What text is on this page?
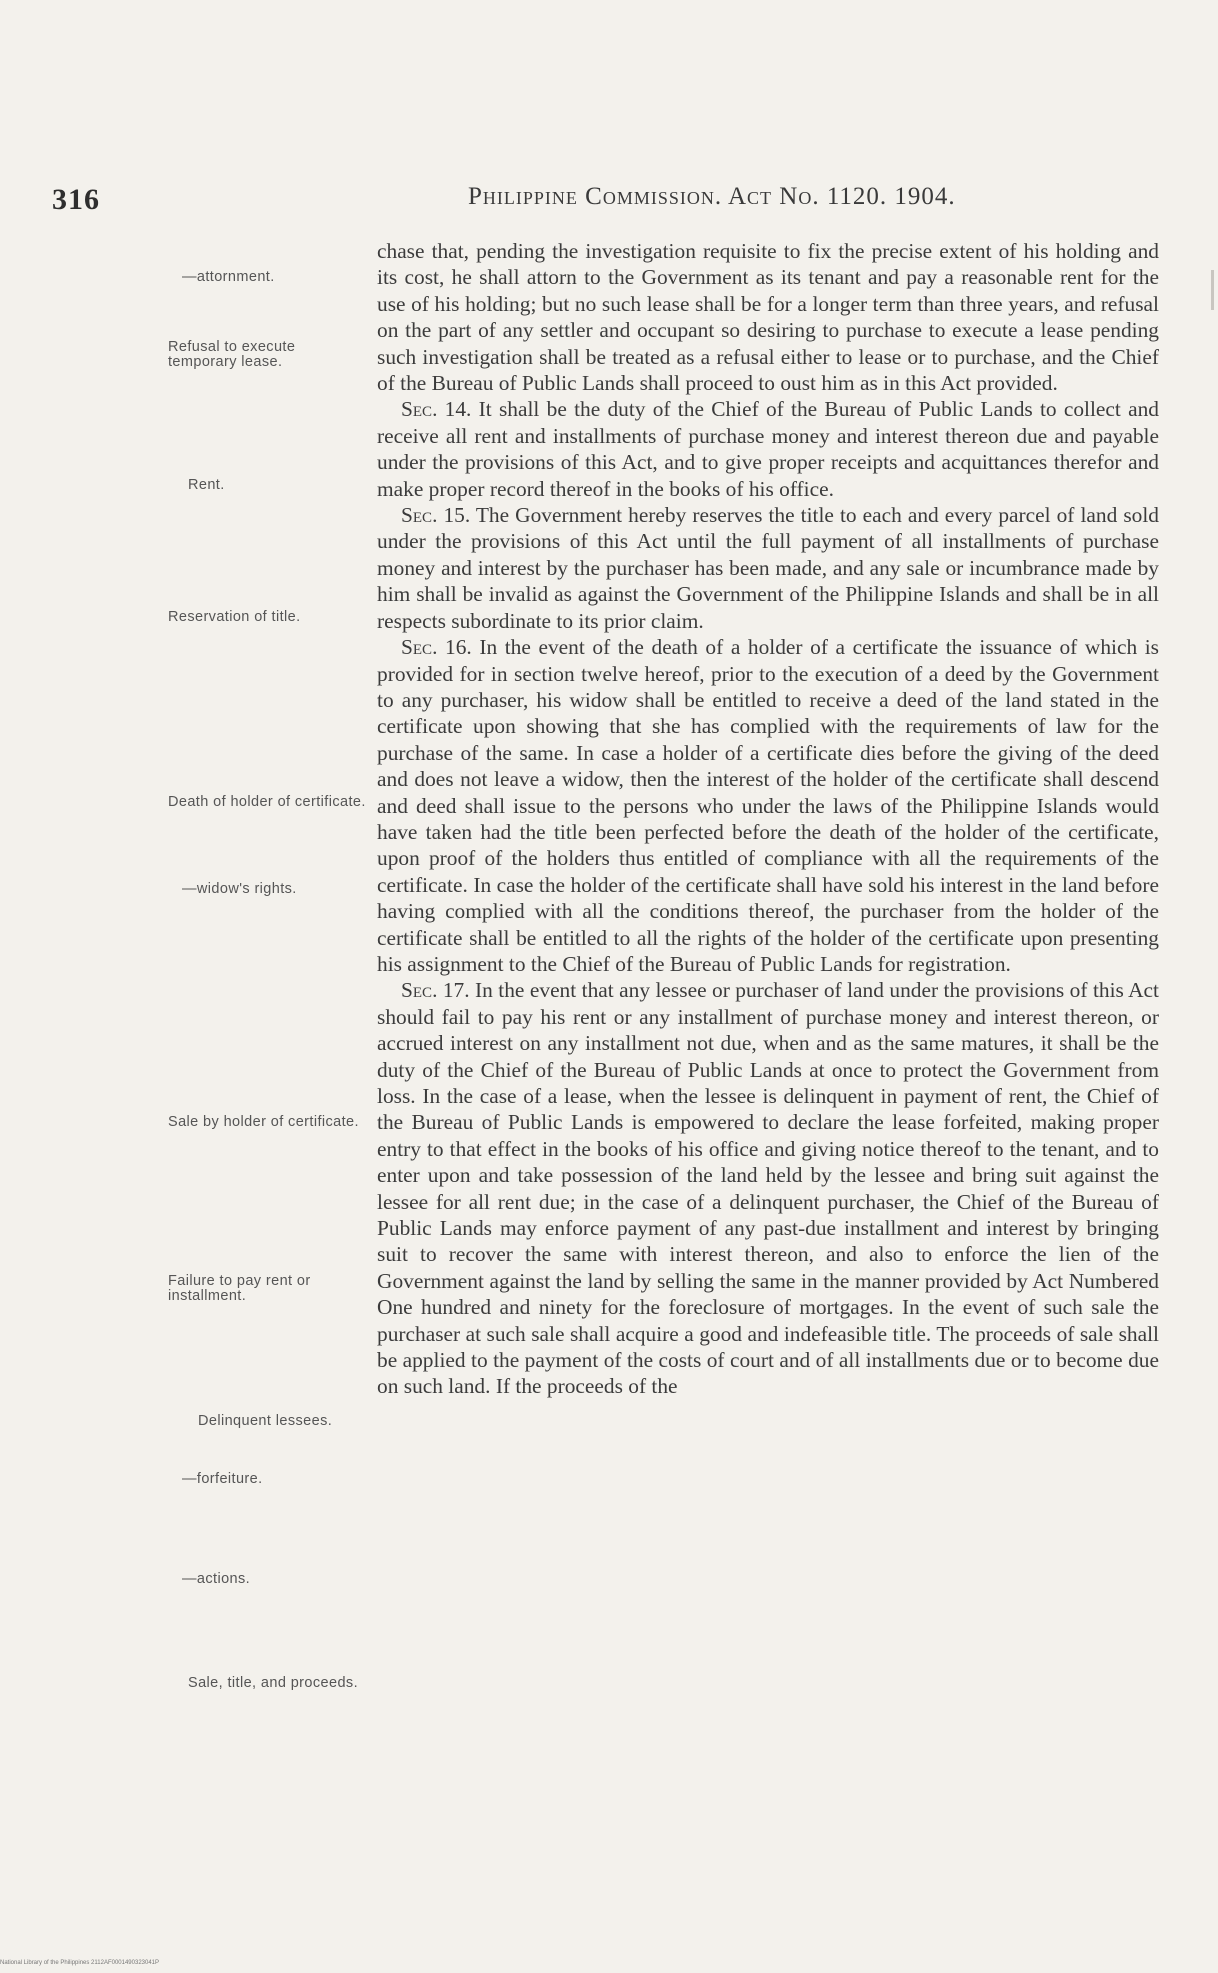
316	Philippine Commission. Act No. 1120. 1904.
—attornment.
Refusal to execute temporary lease.
Rent.
Reservation of title.
Death of holder of certificate.
—widow's rights.
Sale by holder of certificate.
Failure to pay rent or installment.
Delinquent lessees.
—forfeiture.
—actions.
Sale, title, and proceeds.

chase that, pending the investigation requisite to fix the precise extent of his holding and its cost, he shall attorn to the Government as its tenant and pay a reasonable rent for the use of his holding; but no such lease shall be for a longer term than three years, and refusal on the part of any settler and occupant so desiring to purchase to execute a lease pending such investigation shall be treated as a refusal either to lease or to purchase, and the Chief of the Bureau of Public Lands shall proceed to oust him as in this Act provided.

Sec. 14. It shall be the duty of the Chief of the Bureau of Public Lands to collect and receive all rent and installments of purchase money and interest thereon due and payable under the provisions of this Act, and to give proper receipts and acquittances therefor and make proper record thereof in the books of his office.

Sec. 15. The Government hereby reserves the title to each and every parcel of land sold under the provisions of this Act until the full payment of all installments of purchase money and interest by the purchaser has been made, and any sale or incumbrance made by him shall be invalid as against the Government of the Philippine Islands and shall be in all respects subordinate to its prior claim.

Sec. 16. In the event of the death of a holder of a certificate the issuance of which is provided for in section twelve hereof, prior to the execution of a deed by the Government to any purchaser, his widow shall be entitled to receive a deed of the land stated in the certificate upon showing that she has complied with the requirements of law for the purchase of the same. In case a holder of a certificate dies before the giving of the deed and does not leave a widow, then the interest of the holder of the certificate shall descend and deed shall issue to the persons who under the laws of the Philippine Islands would have taken had the title been perfected before the death of the holder of the certificate, upon proof of the holders thus entitled of compliance with all the requirements of the certificate. In case the holder of the certificate shall have sold his interest in the land before having complied with all the conditions thereof, the purchaser from the holder of the certificate shall be entitled to all the rights of the holder of the certificate upon presenting his assignment to the Chief of the Bureau of Public Lands for registration.

Sec. 17. In the event that any lessee or purchaser of land under the provisions of this Act should fail to pay his rent or any installment of purchase money and interest thereon, or accrued interest on any installment not due, when and as the same matures, it shall be the duty of the Chief of the Bureau of Public Lands at once to protect the Government from loss. In the case of a lease, when the lessee is delinquent in payment of rent, the Chief of the Bureau of Public Lands is empowered to declare the lease forfeited, making proper entry to that effect in the books of his office and giving notice thereof to the tenant, and to enter upon and take possession of the land held by the lessee and bring suit against the lessee for all rent due; in the case of a delinquent purchaser, the Chief of the Bureau of Public Lands may enforce payment of any past-due installment and interest by bringing suit to recover the same with interest thereon, and also to enforce the lien of the Government against the land by selling the same in the manner provided by Act Numbered One hundred and ninety for the foreclosure of mortgages. In the event of such sale the purchaser at such sale shall acquire a good and indefeasible title. The proceeds of sale shall be applied to the payment of the costs of court and of all installments due or to become due on such land. If the proceeds of the

National Library of the Philippines 2112AF0001490323041P
